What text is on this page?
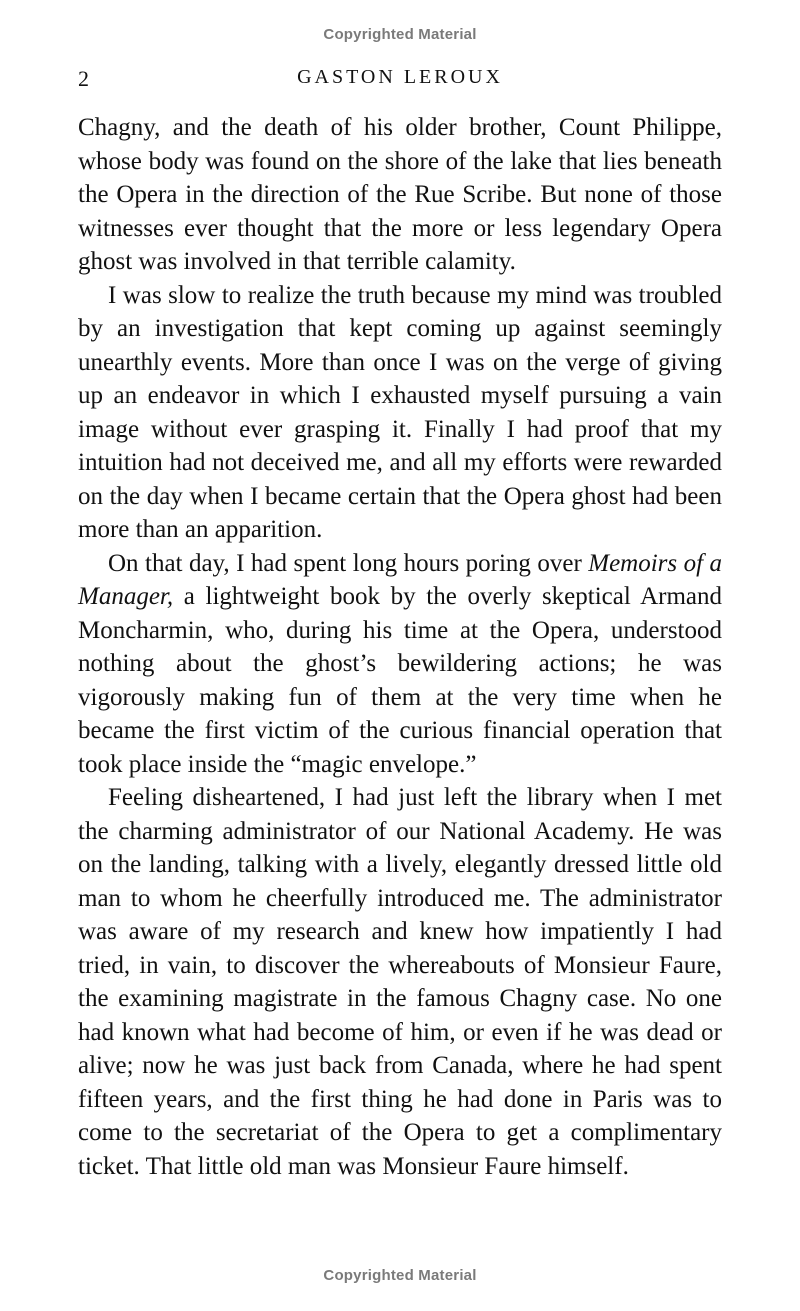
Copyrighted Material
2	GASTON LEROUX

Chagny, and the death of his older brother, Count Philippe, whose body was found on the shore of the lake that lies beneath the Opera in the direction of the Rue Scribe. But none of those witnesses ever thought that the more or less legendary Opera ghost was involved in that terrible calamity.

I was slow to realize the truth because my mind was troubled by an investigation that kept coming up against seemingly unearthly events. More than once I was on the verge of giving up an endeavor in which I exhausted myself pursuing a vain image without ever grasping it. Finally I had proof that my intuition had not deceived me, and all my efforts were rewarded on the day when I became certain that the Opera ghost had been more than an apparition.

On that day, I had spent long hours poring over Memoirs of a Manager, a lightweight book by the overly skeptical Armand Moncharmin, who, during his time at the Opera, understood nothing about the ghost’s bewildering actions; he was vigorously making fun of them at the very time when he became the first victim of the curious financial operation that took place inside the “magic envelope.”

Feeling disheartened, I had just left the library when I met the charming administrator of our National Academy. He was on the landing, talking with a lively, elegantly dressed little old man to whom he cheerfully introduced me. The administrator was aware of my research and knew how impatiently I had tried, in vain, to discover the whereabouts of Monsieur Faure, the examining magistrate in the famous Chagny case. No one had known what had become of him, or even if he was dead or alive; now he was just back from Canada, where he had spent fifteen years, and the first thing he had done in Paris was to come to the secretariat of the Opera to get a complimentary ticket. That little old man was Monsieur Faure himself.

Copyrighted Material
